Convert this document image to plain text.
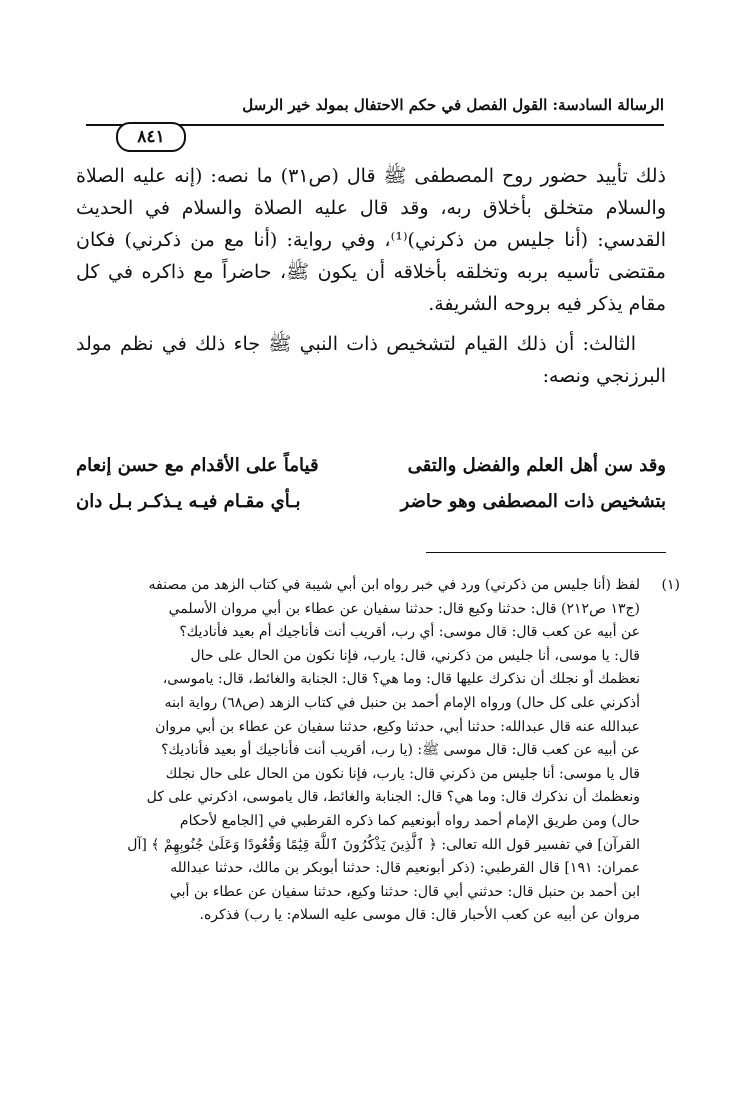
الرسالة السادسة: القول الفصل في حكم الاحتفال بمولد خير الرسل
٨٤١

ذلك تأييد حضور روح المصطفى ﷺ قال (ص٣١) ما نصه: (إنه عليه الصلاة والسلام متخلق بأخلاق ربه، وقد قال عليه الصلاة والسلام في الحديث القدسي: (أنا جليس من ذكرني)⁽¹⁾، وفي رواية: (أنا مع من ذكرني) فكان مقتضى تأسيه بربه وتخلقه بأخلاقه أن يكون ﷺ، حاضراً مع ذاكره في كل مقام يذكر فيه بروحه الشريفة.

الثالث: أن ذلك القيام لتشخيص ذات النبي ﷺ جاء ذلك في نظم مولد البرزنجي ونصه:

وقد سن أهل العلم والفضل والتقى
قياماً على الأقدام مع حسن إنعام
بتشخيص ذات المصطفى وهو حاضر
بـأي مقـام فيـه يـذكـر بـل دان
(١)
لفظ (أنا جليس من ذكرني) ورد في خبر رواه ابن أبي شيبة في كتاب الزهد من مصنفه
(ج١٣ ص٢١٢) قال: حدثنا وكيع قال: حدثنا سفيان عن عطاء بن أبي مروان الأسلمي
عن أبيه عن كعب قال: قال موسى: أي رب، أقريب أنت فأناجيك أم بعيد فأناديك؟
قال: يا موسى، أنا جليس من ذكرني، قال: يارب، فإنا نكون من الحال على حال
نعظمك أو نجلك أن نذكرك عليها قال: وما هي؟ قال: الجنابة والغائط، قال: ياموسى،
أذكرني على كل حال) ورواه الإمام أحمد بن حنبل في كتاب الزهد (ص٦٨) رواية ابنه
عبدالله عنه قال عبدالله: حدثنا أبي، حدثنا وكيع، حدثنا سفيان عن عطاء بن أبي مروان
عن أبيه عن كعب قال: قال موسى ﷺ: (يا رب، أقريب أنت فأناجيك أو بعيد فأناديك؟
قال يا موسى: أنا جليس من ذكرني قال: يارب، فإنا نكون من الحال على حال نجلك
ونعظمك أن نذكرك قال: وما هي؟ قال: الجنابة والغائط، قال ياموسى، اذكرني على كل
حال) ومن طريق الإمام أحمد رواه أبونعيم كما ذكره القرطبي في [الجامع لأحكام
القرآن] في تفسير قول الله تعالى: ﴿ ٱلَّذِينَ يَذْكُرُونَ ٱللَّهَ قِيَٰمًا وَقُعُودًا وَعَلَىٰ جُنُوبِهِمْ ﴾ [آل
عمران: ١٩١] قال القرطبي: (ذكر أبونعيم قال: حدثنا أبوبكر بن مالك، حدثنا عبدالله
ابن أحمد بن حنبل قال: حدثني أبي قال: حدثنا وكيع، حدثنا سفيان عن عطاء بن أبي
مروان عن أبيه عن كعب الأحبار قال: قال موسى عليه السلام: يا رب) فذكره.
